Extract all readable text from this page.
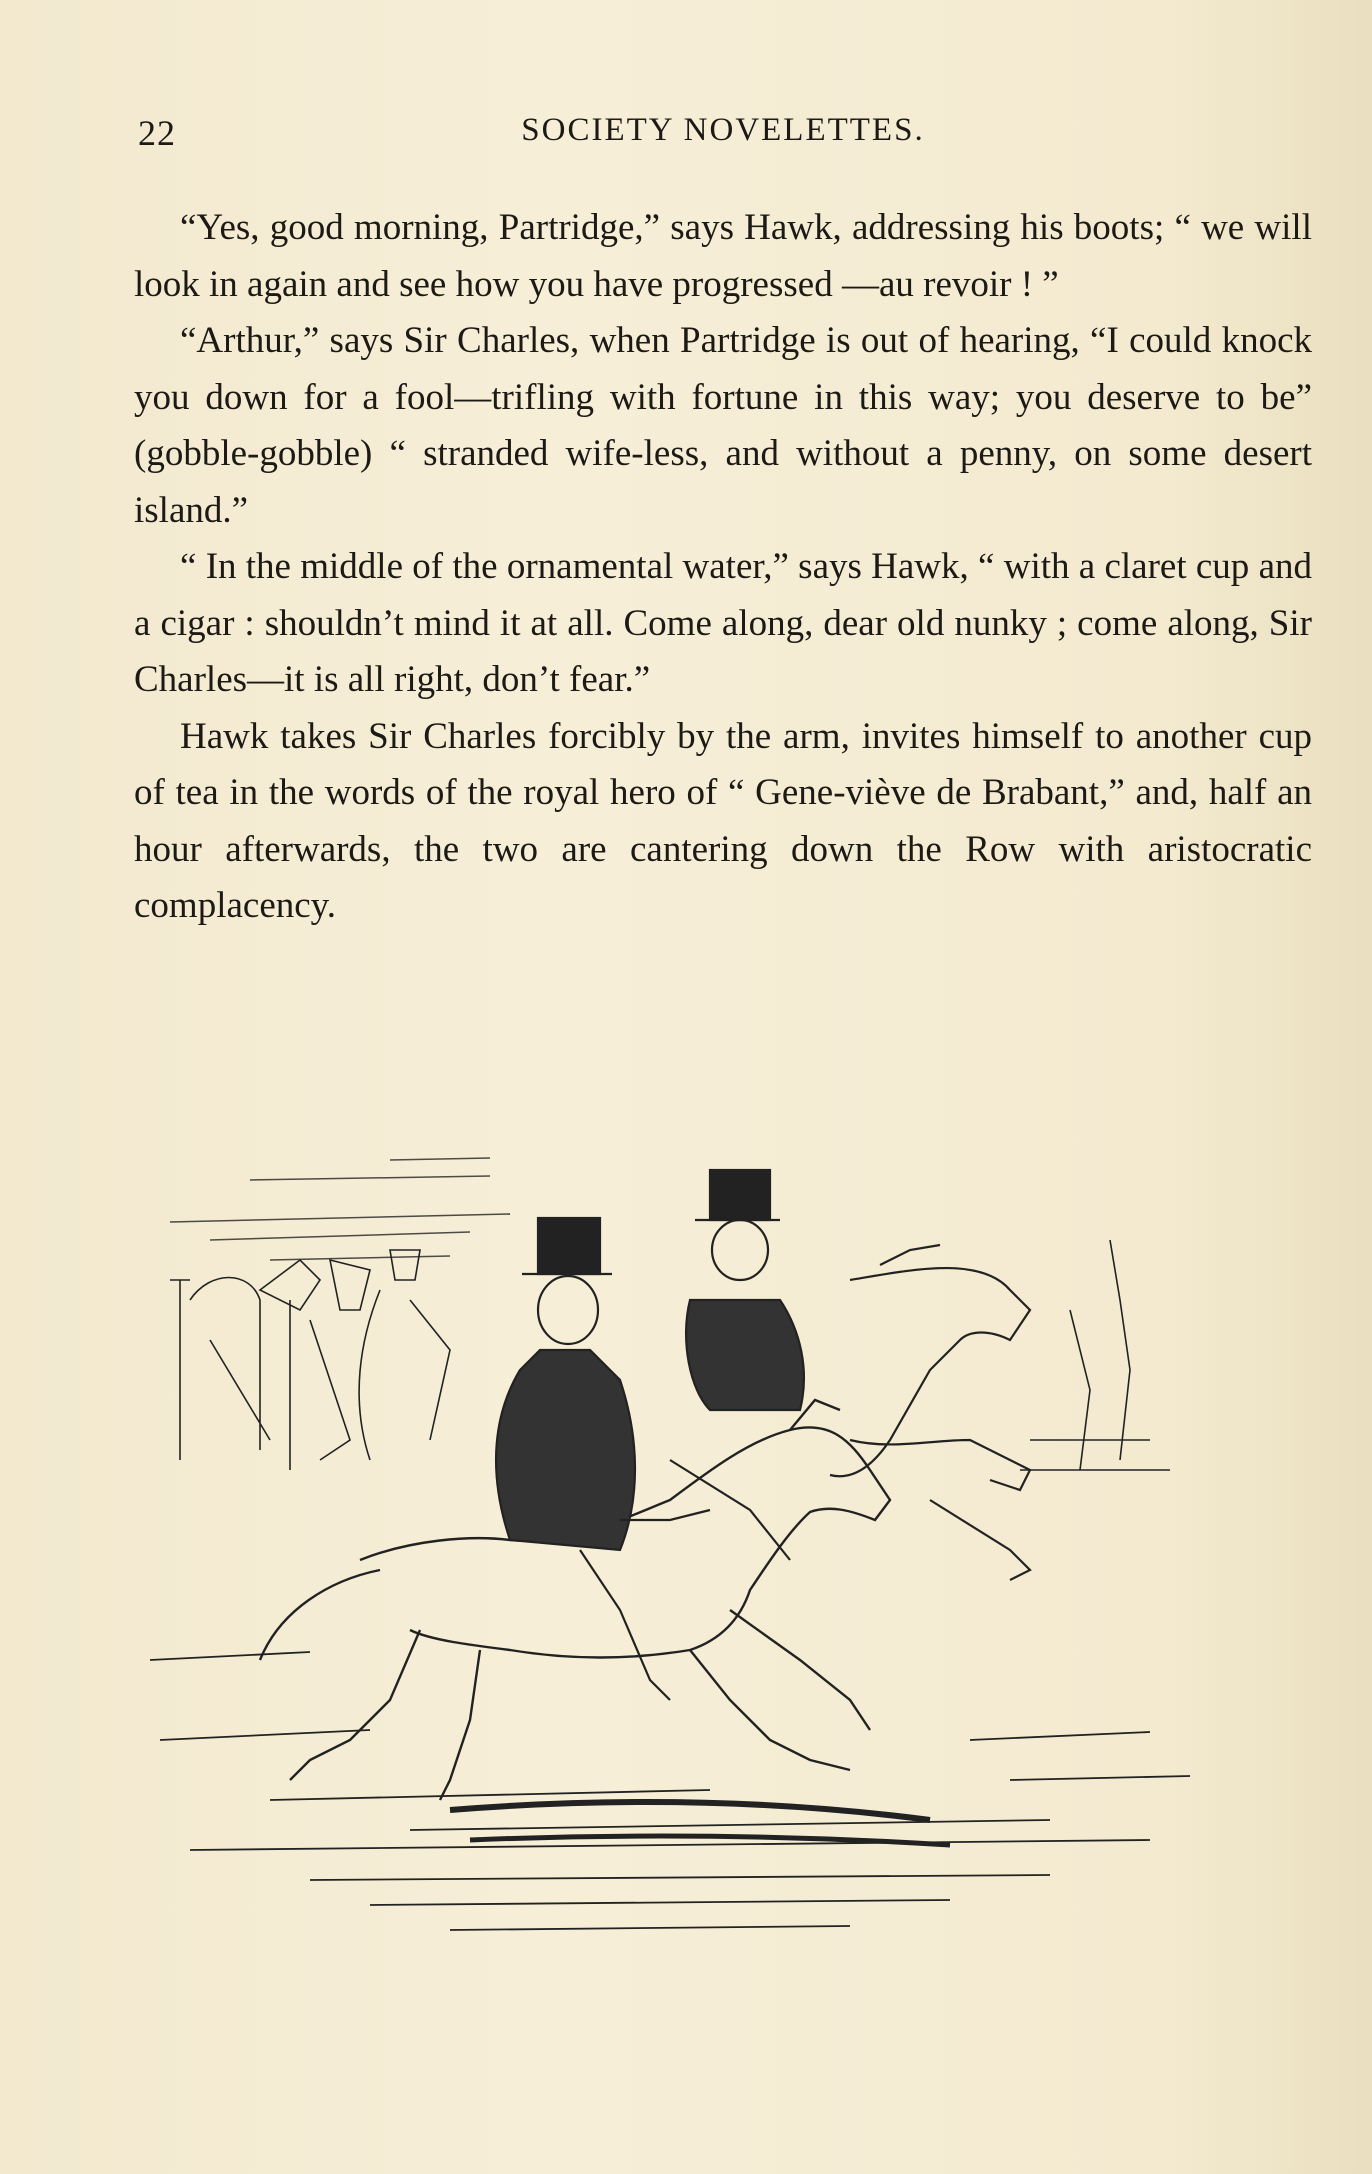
22	SOCIETY NOVELETTES.

“Yes, good morning, Partridge,” says Hawk, addressing his boots; “ we will look in again and see how you have progressed —au revoir ! ”

“Arthur,” says Sir Charles, when Partridge is out of hearing, “I could knock you down for a fool—trifling with fortune in this way; you deserve to be” (gobble-gobble) “ stranded wife-less, and without a penny, on some desert island.”

“ In the middle of the ornamental water,” says Hawk, “ with a claret cup and a cigar : shouldn’t mind it at all. Come along, dear old nunky ; come along, Sir Charles—it is all right, don’t fear.”

Hawk takes Sir Charles forcibly by the arm, invites himself to another cup of tea in the words of the royal hero of “ Gene-viève de Brabant,” and, half an hour afterwards, the two are cantering down the Row with aristocratic complacency.
